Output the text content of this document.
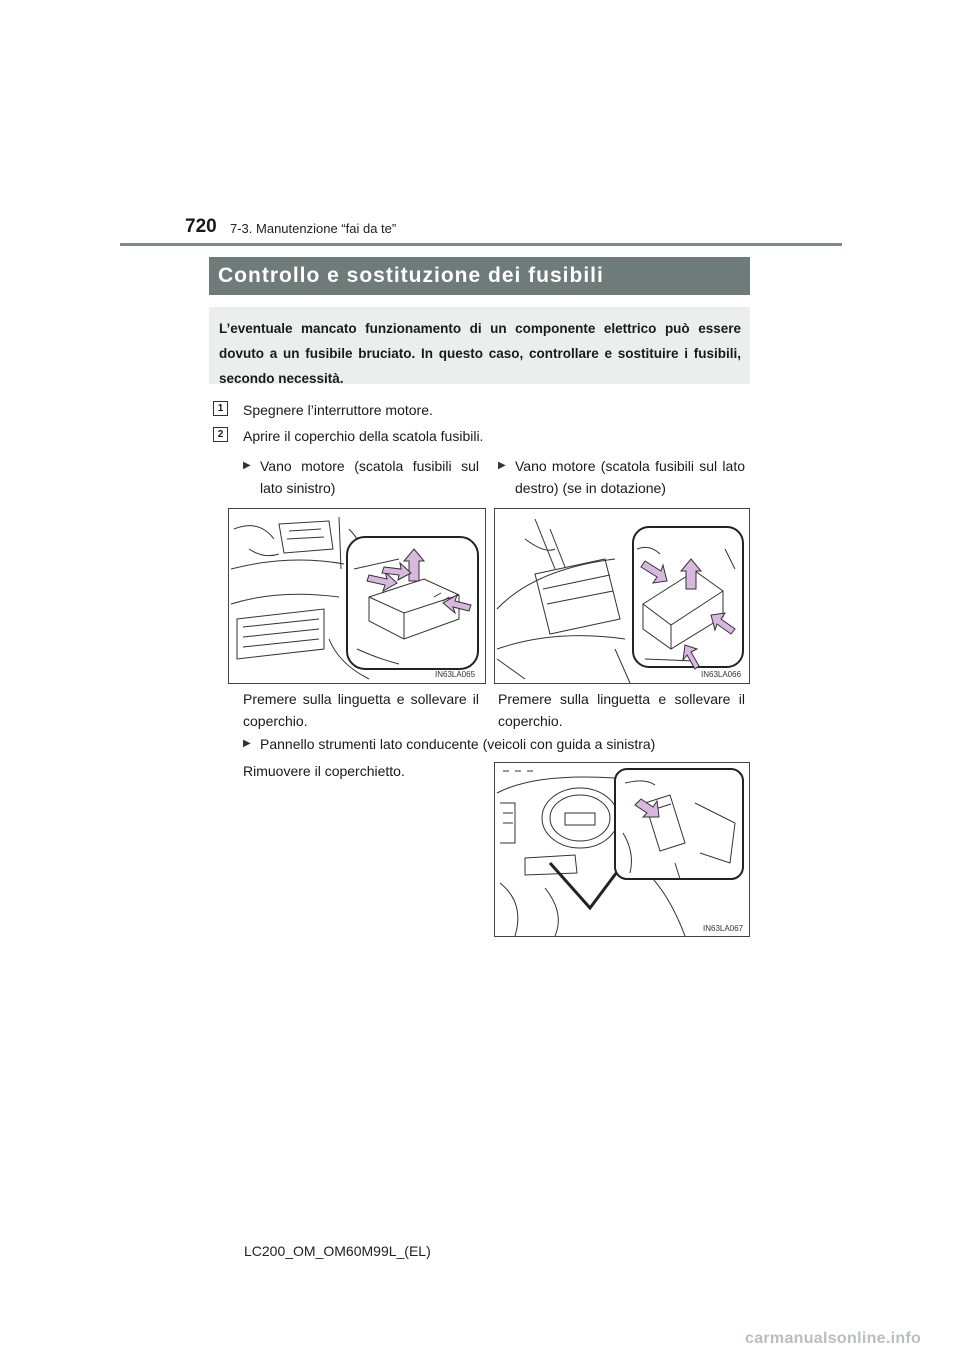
720 7-3. Manutenzione “fai da te”
Controllo e sostituzione dei fusibili
L’eventuale mancato funzionamento di un componente elettrico può essere dovuto a un fusibile bruciato. In questo caso, controllare e sostituire i fusibili, secondo necessità.
1	Spegnere l’interruttore motore.
2	Aprire il coperchio della scatola fusibili.
▶ Vano motore (scatola fusibili sul lato sinistro)
▶ Vano motore (scatola fusibili sul lato destro) (se in dotazione)
IN63LA065	IN63LA066
Premere sulla linguetta e sollevare il coperchio.
Premere sulla linguetta e sollevare il coperchio.
▶ Pannello strumenti lato conducente (veicoli con guida a sinistra)
Rimuovere il coperchietto.
IN63LA067
LC200_OM_OM60M99L_(EL)
carmanualsonline.info
